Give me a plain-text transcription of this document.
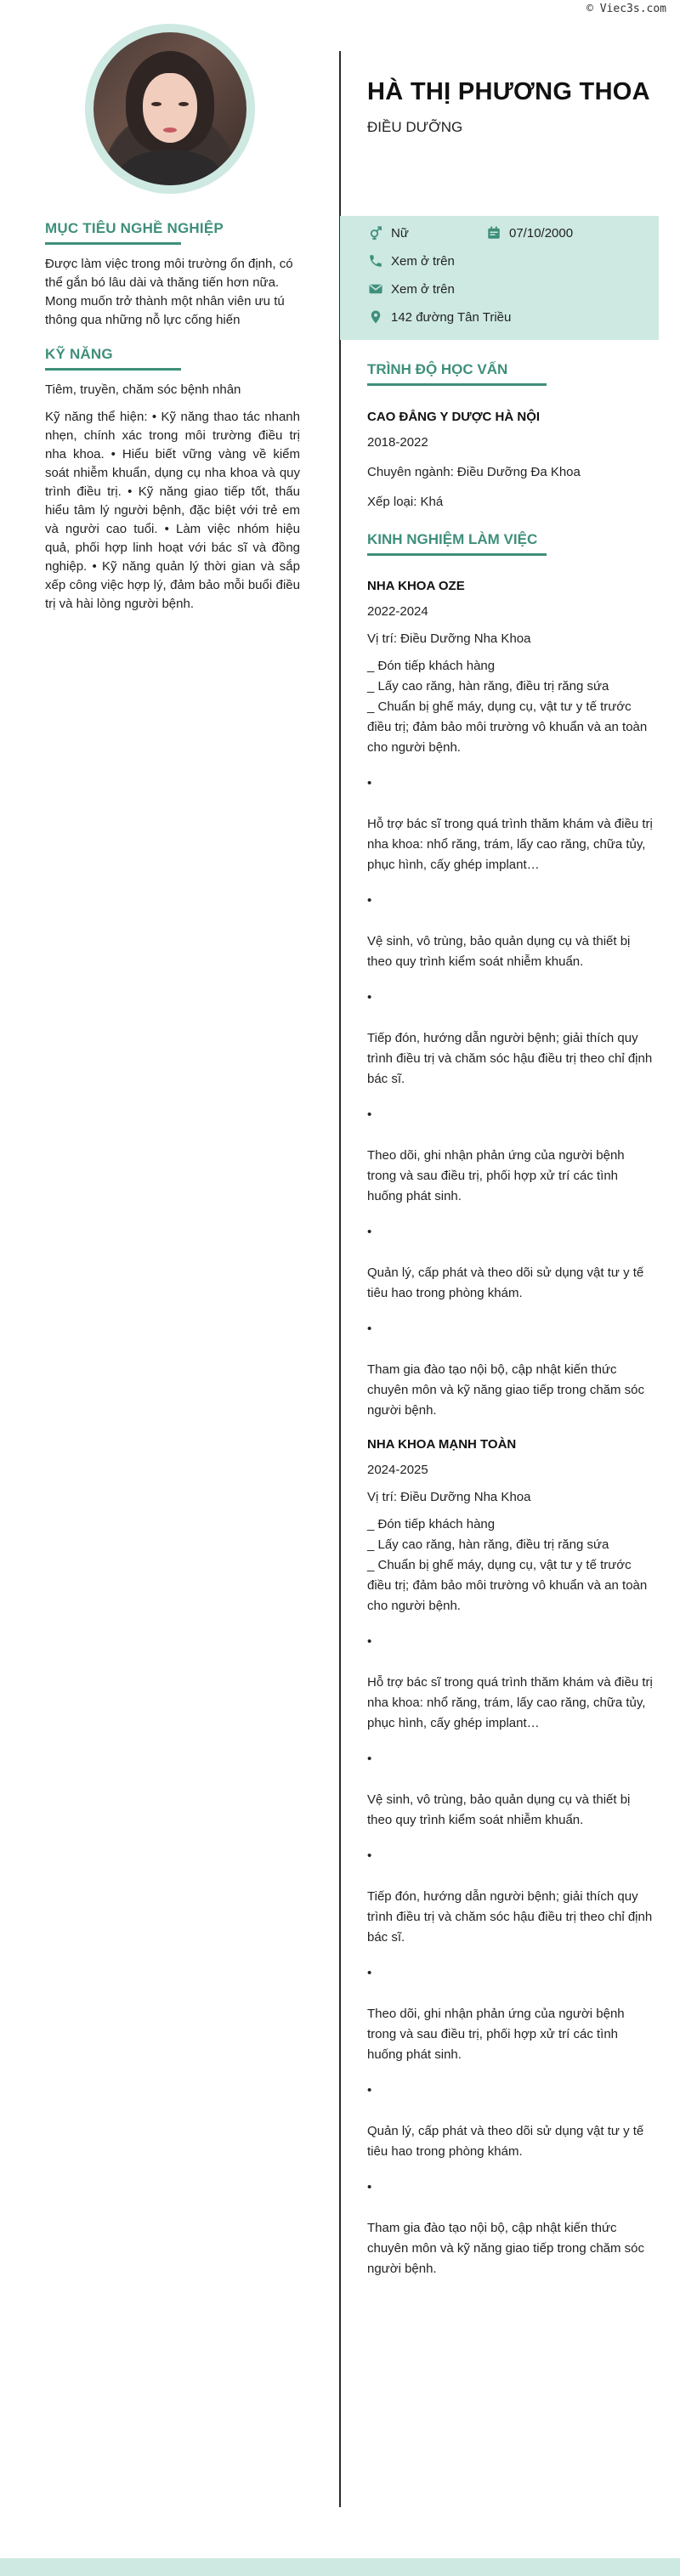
MỤC TIÊU NGHỀ NGHIỆP
Được làm việc trong môi trường ổn định, có thể gắn bó lâu dài và thăng tiến hơn nữa.
Mong muốn trở thành một nhân viên ưu tú thông qua những nỗ lực cống hiến
KỸ NĂNG
Tiêm, truyền, chăm sóc bệnh nhân
Kỹ năng thể hiện: • Kỹ năng thao tác nhanh nhẹn, chính xác trong môi trường điều trị nha khoa. • Hiểu biết vững vàng về kiểm soát nhiễm khuẩn, dụng cụ nha khoa và quy trình điều trị. • Kỹ năng giao tiếp tốt, thấu hiểu tâm lý người bệnh, đặc biệt với trẻ em và người cao tuổi. • Làm việc nhóm hiệu quả, phối hợp linh hoạt với bác sĩ và đồng nghiệp. • Kỹ năng quản lý thời gian và sắp xếp công việc hợp lý, đảm bảo mỗi buổi điều trị và hài lòng người bệnh.
HÀ THỊ PHƯƠNG THOA
ĐIỀU DƯỠNG
Nữ	07/10/2000
Xem ở trên
Xem ở trên
142 đường Tân Triều
TRÌNH ĐỘ HỌC VẤN
CAO ĐẲNG Y DƯỢC HÀ NỘI
2018-2022
Chuyên ngành: Điều Dưỡng Đa Khoa
Xếp loại: Khá
KINH NGHIỆM LÀM VIỆC
NHA KHOA OZE
2022-2024
Vị trí: Điều Dưỡng Nha Khoa
_ Đón tiếp khách hàng
_ Lấy cao răng, hàn răng, điều trị răng sứa
_ Chuẩn bị ghế máy, dụng cụ, vật tư y tế trước điều trị; đảm bảo môi trường vô khuẩn và an toàn cho người bệnh.
•
Hỗ trợ bác sĩ trong quá trình thăm khám và điều trị nha khoa: nhổ răng, trám, lấy cao răng, chữa tủy, phục hình, cấy ghép implant…
•
Vệ sinh, vô trùng, bảo quản dụng cụ và thiết bị theo quy trình kiểm soát nhiễm khuẩn.
•
Tiếp đón, hướng dẫn người bệnh; giải thích quy trình điều trị và chăm sóc hậu điều trị theo chỉ định bác sĩ.
•
Theo dõi, ghi nhận phản ứng của người bệnh trong và sau điều trị, phối hợp xử trí các tình huống phát sinh.
•
Quản lý, cấp phát và theo dõi sử dụng vật tư y tế tiêu hao trong phòng khám.
•
Tham gia đào tạo nội bộ, cập nhật kiến thức chuyên môn và kỹ năng giao tiếp trong chăm sóc người bệnh.
NHA KHOA MẠNH TOÀN
2024-2025
Vị trí: Điều Dưỡng Nha Khoa
_ Đón tiếp khách hàng
_ Lấy cao răng, hàn răng, điều trị răng sứa
_ Chuẩn bị ghế máy, dụng cụ, vật tư y tế trước điều trị; đảm bảo môi trường vô khuẩn và an toàn cho người bệnh.
•
Hỗ trợ bác sĩ trong quá trình thăm khám và điều trị nha khoa: nhổ răng, trám, lấy cao răng, chữa tủy, phục hình, cấy ghép implant…
•
Vệ sinh, vô trùng, bảo quản dụng cụ và thiết bị theo quy trình kiểm soát nhiễm khuẩn.
•
Tiếp đón, hướng dẫn người bệnh; giải thích quy trình điều trị và chăm sóc hậu điều trị theo chỉ định bác sĩ.
•
Theo dõi, ghi nhận phản ứng của người bệnh trong và sau điều trị, phối hợp xử trí các tình huống phát sinh.
•
Quản lý, cấp phát và theo dõi sử dụng vật tư y tế tiêu hao trong phòng khám.
•
Tham gia đào tạo nội bộ, cập nhật kiến thức chuyên môn và kỹ năng giao tiếp trong chăm sóc người bệnh.
© Viec3s.com
